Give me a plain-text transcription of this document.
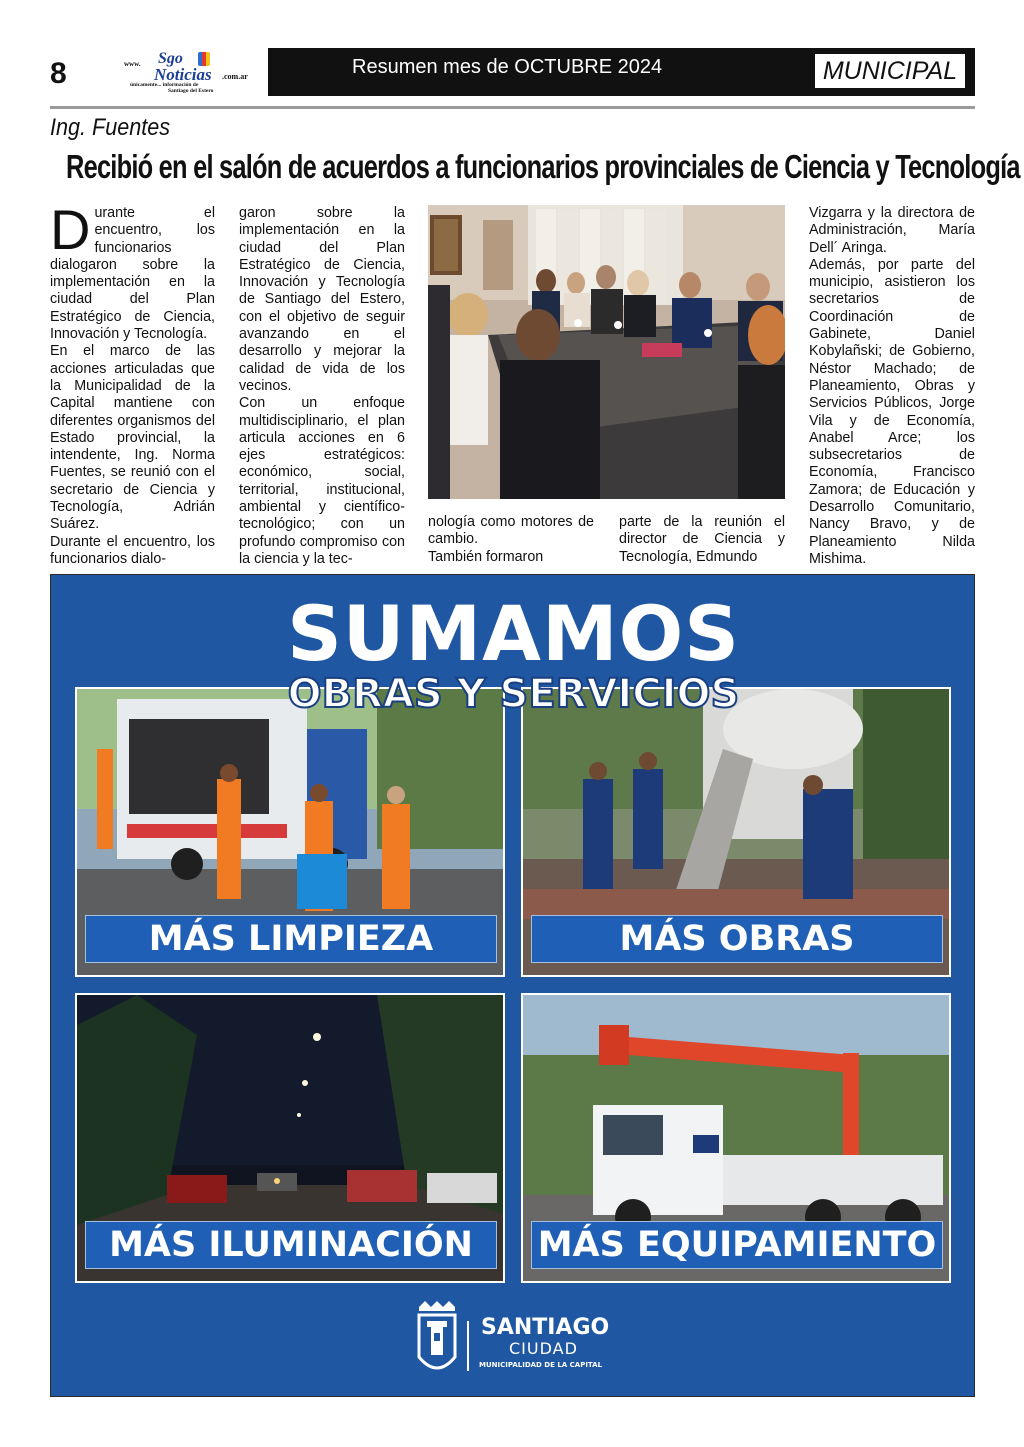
8	www. Sgo
Noticias .com.ar
únicamente... información de
Santiago del Estero
Resumen mes de OCTUBRE 2024	MUNICIPAL
Ing. Fuentes
Recibió en el salón de acuerdos a funcionarios provinciales de Ciencia y Tecnología

Durante el encuentro, los funcionarios dialogaron sobre la implementación en la ciudad del Plan Estratégico de Ciencia, Innovación y Tecnología.

En el marco de las acciones articuladas que la Municipalidad de la Capital mantiene con diferentes organismos del Estado provincial, la intendente, Ing. Norma Fuentes, se reunió con el secretario de Ciencia y Tecnología, Adrián Suárez.

Durante el encuentro, los funcionarios dialo-

garon sobre la implementación en la ciudad del Plan Estratégico de Ciencia, Innovación y Tecnología de Santiago del Estero, con el objetivo de seguir avanzando en el desarrollo y mejorar la calidad de vida de los vecinos.

Con un enfoque multidisciplinario, el plan articula acciones en 6 ejes estratégicos: económico, social, territorial, institucional, ambiental y científico-tecnológico; con un profundo compromiso con la ciencia y la tec-

nología como motores de cambio.

También formaron

parte de la reunión el director de Ciencia y Tecnología, Edmundo

Vizgarra y la directora de Administración, María Dell´ Aringa.

Además, por parte del municipio, asistieron los secretarios de Coordinación de Gabinete, Daniel Kobylañski; de Gobierno, Néstor Machado; de Planeamiento, Obras y Servicios Públicos, Jorge Vila y de Economía, Anabel Arce; los subsecretarios de Economía, Francisco Zamora; de Educación y Desarrollo Comunitario, Nancy Bravo, y de Planeamiento Nilda Mishima.

SUMAMOS
OBRAS Y SERVICIOS
MÁS LIMPIEZA	MÁS OBRAS
MÁS ILUMINACIÓN	MÁS EQUIPAMIENTO
SANTIAGO
CIUDAD
MUNICIPALIDAD DE LA CAPITAL
